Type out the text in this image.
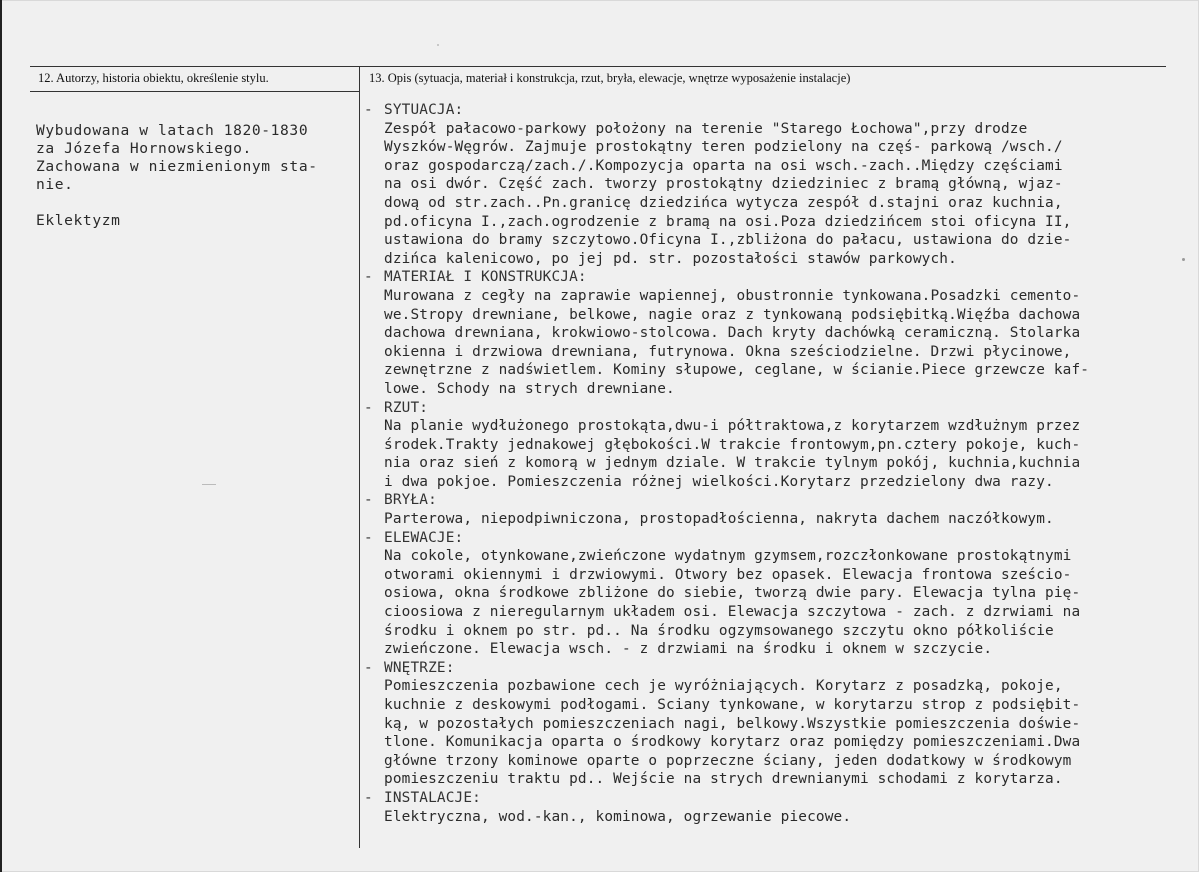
12. Autorzy, historia obiektu, określenie stylu.	13. Opis (sytuacja, materiał i konstrukcja, rzut, bryła, elewacje, wnętrze wyposażenie instalacje)
Wybudowana w latach 1820-1830
za Józefa Hornowskiego.
Zachowana w niezmienionym sta-
nie.
Eklektyzm
- SYTUACJA:
Zespół pałacowo-parkowy położony na terenie "Starego Łochowa",przy drodze
Wyszków-Węgrów. Zajmuje prostokątny teren podzielony na częś- parkową /wsch./
oraz gospodarczą/zach./.Kompozycja oparta na osi wsch.-zach..Między częściami
na osi dwór. Część zach. tworzy prostokątny dziedziniec z bramą główną, wjaz-
dową od str.zach..Pn.granicę dziedzińca wytycza zespół d.stajni oraz kuchnia,
pd.oficyna I.,zach.ogrodzenie z bramą na osi.Poza dziedzińcem stoi oficyna II,
ustawiona do bramy szczytowo.Oficyna I.,zbliżona do pałacu, ustawiona do dzie-
dzińca kalenicowo, po jej pd. str. pozostałości stawów parkowych.
- MATERIAŁ I KONSTRUKCJA:
Murowana z cegły na zaprawie wapiennej, obustronnie tynkowana.Posadzki cemento-
we.Stropy drewniane, belkowe, nagie oraz z tynkowaną podsiębitką.Więźba dachowa
dachowa drewniana, krokwiowo-stolcowa. Dach kryty dachówką ceramiczną. Stolarka
okienna i drzwiowa drewniana, futrynowa. Okna sześciodzielne. Drzwi płycinowe,
zewnętrzne z nadświetlem. Kominy słupowe, ceglane, w ścianie.Piece grzewcze kaf-
lowe. Schody na strych drewniane.
- RZUT:
Na planie wydłużonego prostokąta,dwu-i półtraktowa,z korytarzem wzdłużnym przez
środek.Trakty jednakowej głębokości.W trakcie frontowym,pn.cztery pokoje, kuch-
nia oraz sień z komorą w jednym dziale. W trakcie tylnym pokój, kuchnia,kuchnia
i dwa pokjoe. Pomieszczenia różnej wielkości.Korytarz przedzielony dwa razy.
- BRYŁA:
Parterowa, niepodpiwniczona, prostopadłościenna, nakryta dachem naczółkowym.
- ELEWACJE:
Na cokole, otynkowane,zwieńczone wydatnym gzymsem,rozczłonkowane prostokątnymi
otworami okiennymi i drzwiowymi. Otwory bez opasek. Elewacja frontowa sześcio-
osiowa, okna środkowe zbliżone do siebie, tworzą dwie pary. Elewacja tylna pię-
cioosiowa z nieregularnym układem osi. Elewacja szczytowa - zach. z dzrwiami na
środku i oknem po str. pd.. Na środku ogzymsowanego szczytu okno półkoliście
zwieńczone. Elewacja wsch. - z drzwiami na środku i oknem w szczycie.
- WNĘTRZE:
Pomieszczenia pozbawione cech je wyróżniających. Korytarz z posadzką, pokoje,
kuchnie z deskowymi podłogami. Sciany tynkowane, w korytarzu strop z podsiębit-
ką, w pozostałych pomieszczeniach nagi, belkowy.Wszystkie pomieszczenia doświe-
tlone. Komunikacja oparta o środkowy korytarz oraz pomiędzy pomieszczeniami.Dwa
główne trzony kominowe oparte o poprzeczne ściany, jeden dodatkowy w środkowym
pomieszczeniu traktu pd.. Wejście na strych drewnianymi schodami z korytarza.
- INSTALACJE:
Elektryczna, wod.-kan., kominowa, ogrzewanie piecowe.
